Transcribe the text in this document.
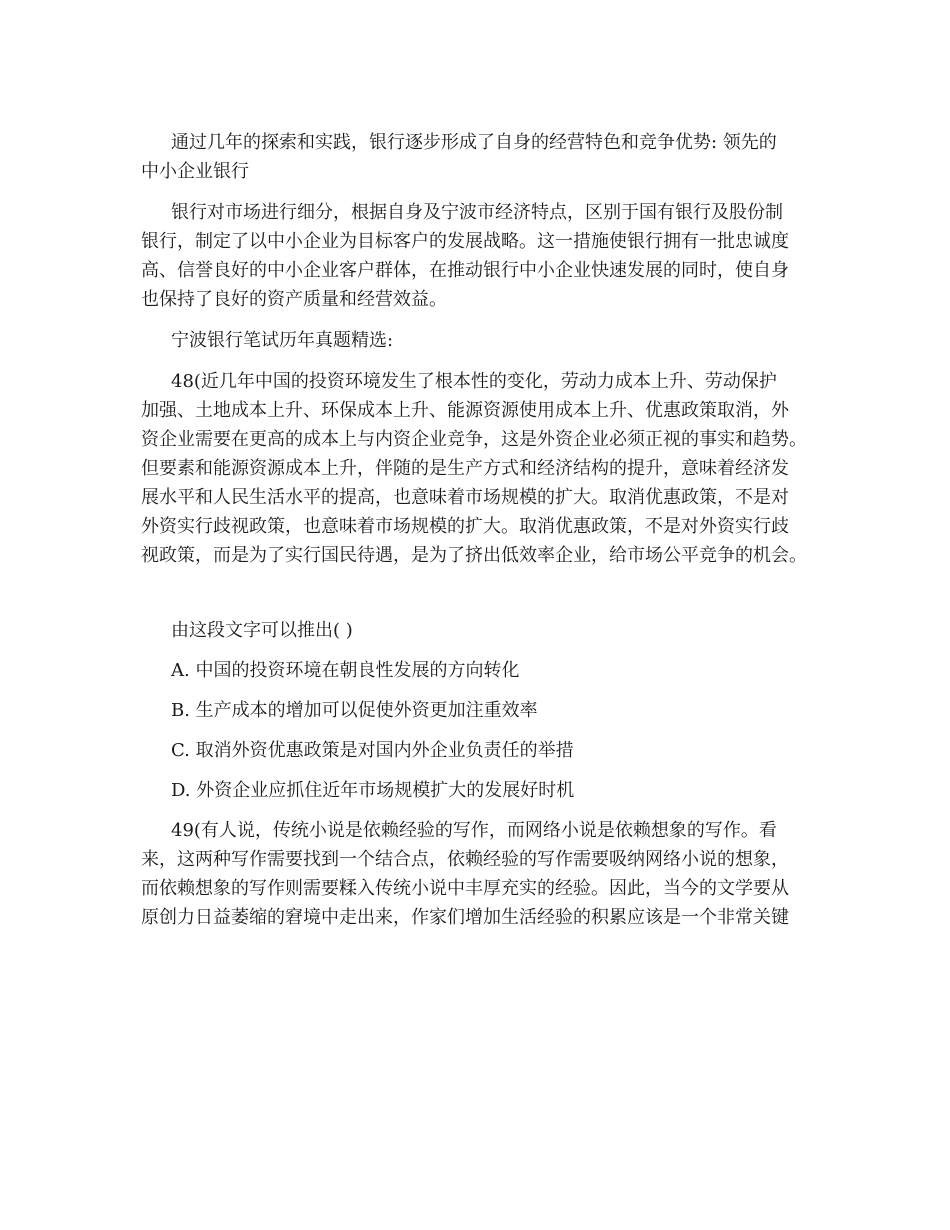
通过几年的探索和实践，银行逐步形成了自身的经营特色和竞争优势: 领先的
中小企业银行
银行对市场进行细分，根据自身及宁波市经济特点，区别于国有银行及股份制
银行，制定了以中小企业为目标客户的发展战略。这一措施使银行拥有一批忠诚度
高、信誉良好的中小企业客户群体，在推动银行中小企业快速发展的同时，使自身
也保持了良好的资产质量和经营效益。
宁波银行笔试历年真题精选:
48(近几年中国的投资环境发生了根本性的变化，劳动力成本上升、劳动保护
加强、土地成本上升、环保成本上升、能源资源使用成本上升、优惠政策取消，外
资企业需要在更高的成本上与内资企业竞争，这是外资企业必须正视的事实和趋势。
但要素和能源资源成本上升，伴随的是生产方式和经济结构的提升，意味着经济发
展水平和人民生活水平的提高，也意味着市场规模的扩大。取消优惠政策，不是对
外资实行歧视政策，也意味着市场规模的扩大。取消优惠政策，不是对外资实行歧
视政策，而是为了实行国民待遇，是为了挤出低效率企业，给市场公平竞争的机会。
由这段文字可以推出( )
A. 中国的投资环境在朝良性发展的方向转化
B. 生产成本的增加可以促使外资更加注重效率
C. 取消外资优惠政策是对国内外企业负责任的举措
D. 外资企业应抓住近年市场规模扩大的发展好时机
49(有人说，传统小说是依赖经验的写作，而网络小说是依赖想象的写作。看
来，这两种写作需要找到一个结合点，依赖经验的写作需要吸纳网络小说的想象，
而依赖想象的写作则需要糅入传统小说中丰厚充实的经验。因此，当今的文学要从
原创力日益萎缩的窘境中走出来，作家们增加生活经验的积累应该是一个非常关键
